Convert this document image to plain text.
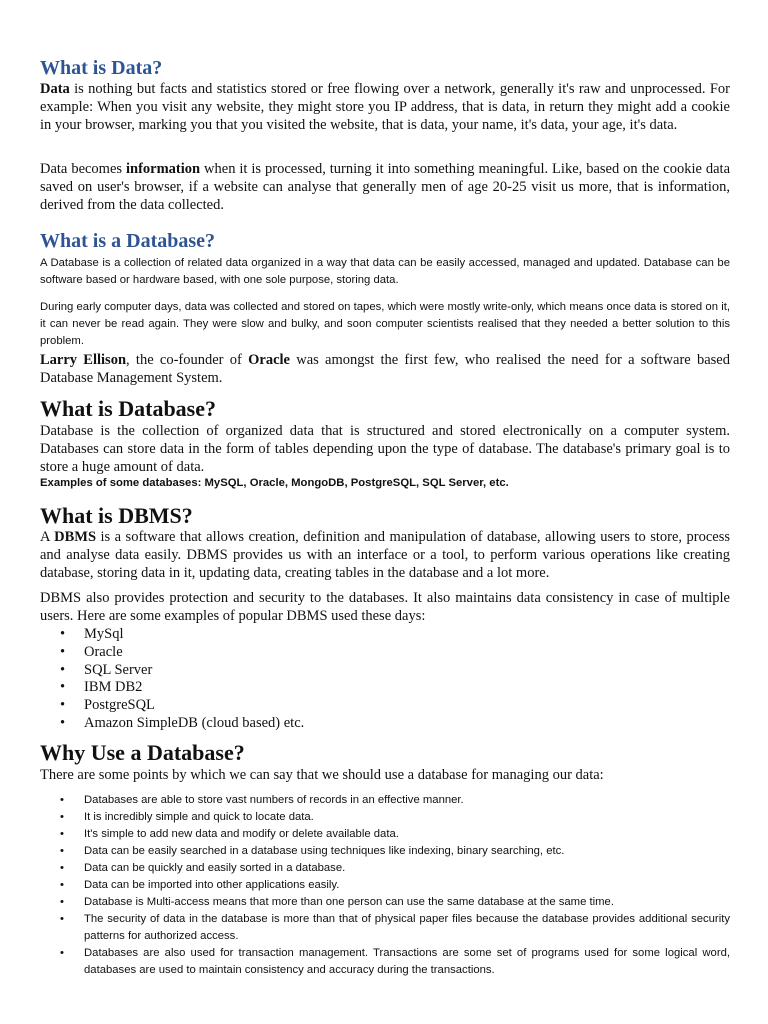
What is Data?

Data is nothing but facts and statistics stored or free flowing over a network, generally it's raw and unprocessed. For example: When you visit any website, they might store you IP address, that is data, in return they might add a cookie in your browser, marking you that you visited the website, that is data, your name, it's data, your age, it's data.

Data becomes information when it is processed, turning it into something meaningful. Like, based on the cookie data saved on user's browser, if a website can analyse that generally men of age 20-25 visit us more, that is information, derived from the data collected.

What is a Database?

A Database is a collection of related data organized in a way that data can be easily accessed, managed and updated. Database can be software based or hardware based, with one sole purpose, storing data.

During early computer days, data was collected and stored on tapes, which were mostly write-only, which means once data is stored on it, it can never be read again. They were slow and bulky, and soon computer scientists realised that they needed a better solution to this problem.

Larry Ellison, the co-founder of Oracle was amongst the first few, who realised the need for a software based Database Management System.

What is Database?

Database is the collection of organized data that is structured and stored electronically on a computer system. Databases can store data in the form of tables depending upon the type of database. The database's primary goal is to store a huge amount of data.

Examples of some databases: MySQL, Oracle, MongoDB, PostgreSQL, SQL Server, etc.

What is DBMS?

A DBMS is a software that allows creation, definition and manipulation of database, allowing users to store, process and analyse data easily. DBMS provides us with an interface or a tool, to perform various operations like creating database, storing data in it, updating data, creating tables in the database and a lot more.

DBMS also provides protection and security to the databases. It also maintains data consistency in case of multiple users. Here are some examples of popular DBMS used these days:

• MySql
• Oracle
• SQL Server
• IBM DB2
• PostgreSQL
• Amazon SimpleDB (cloud based) etc.
Why Use a Database?

There are some points by which we can say that we should use a database for managing our data:

• Databases are able to store vast numbers of records in an effective manner.
• It is incredibly simple and quick to locate data.
• It's simple to add new data and modify or delete available data.
• Data can be easily searched in a database using techniques like indexing, binary searching, etc.
• Data can be quickly and easily sorted in a database.
• Data can be imported into other applications easily.
• Database is Multi-access means that more than one person can use the same database at the same time.
• The security of data in the database is more than that of physical paper files because the database provides additional security patterns for authorized access.
• Databases are also used for transaction management. Transactions are some set of programs used for some logical word, databases are used to maintain consistency and accuracy during the transactions.
